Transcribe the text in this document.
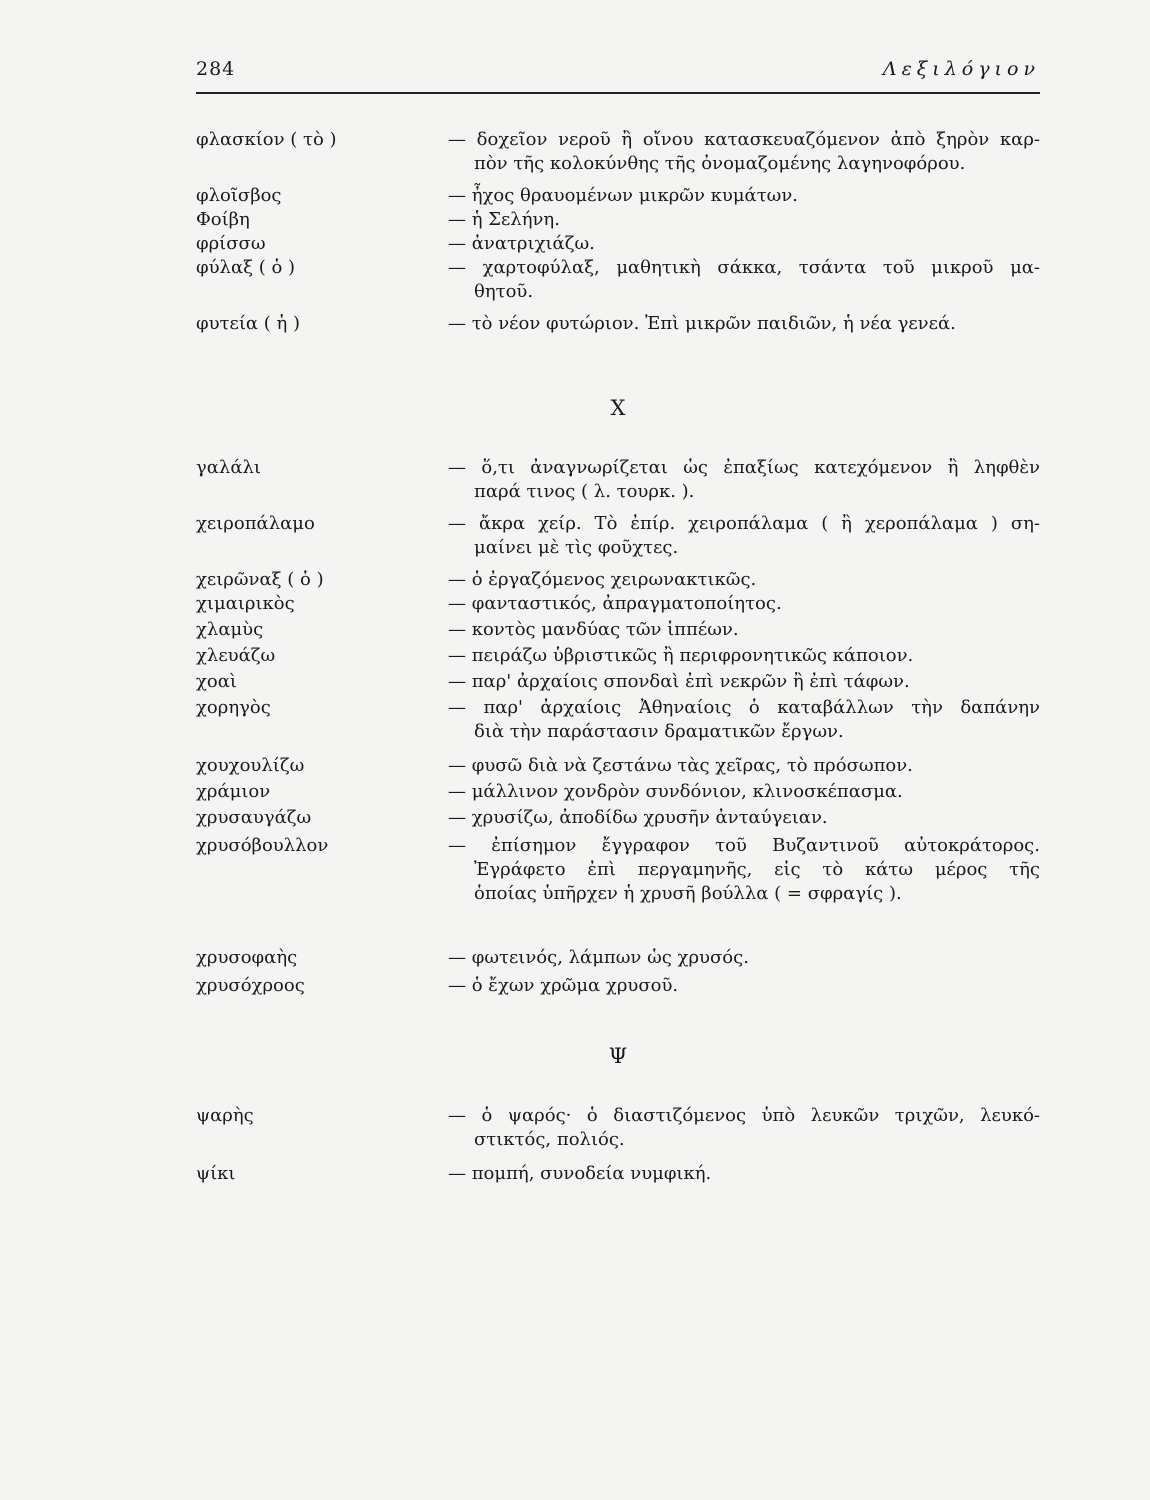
284	Λεξιλόγιον
φλασκίον ( τὸ )	— δοχεῖον νεροῦ ἢ οἴνου κατασκευαζόμενον ἀπὸ ξηρὸν καρ-
πὸν τῆς κολοκύνθης τῆς ὀνομαζομένης λαγηνοφόρου.
φλοῖσβος	— ἦχος θραυομένων μικρῶν κυμάτων.
Φοίβη	— ἡ Σελήνη.
φρίσσω	— ἀνατριχιάζω.
φύλαξ ( ὁ )	— χαρτοφύλαξ, μαθητικὴ σάκκα, τσάντα τοῦ μικροῦ μα-
θητοῦ.
φυτεία ( ἡ )	— τὸ νέον φυτώριον. Ἐπὶ μικρῶν παιδιῶν, ἡ νέα γενεά.
Χ
γαλάλι	— ὅ,τι ἀναγνωρίζεται ὡς ἐπαξίως κατεχόμενον ἢ ληφθὲν
παρά τινος ( λ. τουρκ. ).
χειροπάλαμο	— ἄκρα χείρ. Τὸ ἐπίρ. χειροπάλαμα ( ἢ χεροπάλαμα ) ση-
μαίνει μὲ τὶς φοῦχτες.
χειρῶναξ ( ὁ )	— ὁ ἐργαζόμενος χειρωνακτικῶς.
χιμαιρικὸς	— φανταστικός, ἀπραγματοποίητος.
χλαμὺς	— κοντὸς μανδύας τῶν ἱππέων.
χλευάζω	— πειράζω ὑβριστικῶς ἢ περιφρονητικῶς κάποιον.
χοαὶ	— παρ' ἀρχαίοις σπονδαὶ ἐπὶ νεκρῶν ἢ ἐπὶ τάφων.
χορηγὸς	— παρ' ἀρχαίοις Ἀθηναίοις ὁ καταβάλλων τὴν δαπάνην
διὰ τὴν παράστασιν δραματικῶν ἔργων.
χουχουλίζω	— φυσῶ διὰ νὰ ζεστάνω τὰς χεῖρας, τὸ πρόσωπον.
χράμιον	— μάλλινον χονδρὸν συνδόνιον, κλινοσκέπασμα.
χρυσαυγάζω	— χρυσίζω, ἀποδίδω χρυσῆν ἀνταύγειαν.
χρυσόβουλλον	— ἐπίσημον ἔγγραφον τοῦ Βυζαντινοῦ αὐτοκράτορος.
Ἐγράφετο ἐπὶ περγαμηνῆς, εἰς τὸ κάτω μέρος τῆς
ὁποίας ὑπῆρχεν ἡ χρυσῆ βούλλα ( = σφραγίς ).
χρυσοφαὴς	— φωτεινός, λάμπων ὡς χρυσός.
χρυσόχροος	— ὁ ἔχων χρῶμα χρυσοῦ.
Ψ
ψαρὴς	— ὁ ψαρός· ὁ διαστιζόμενος ὑπὸ λευκῶν τριχῶν, λευκό-
στικτός, πολιός.
ψίκι	— πομπή, συνοδεία νυμφική.
